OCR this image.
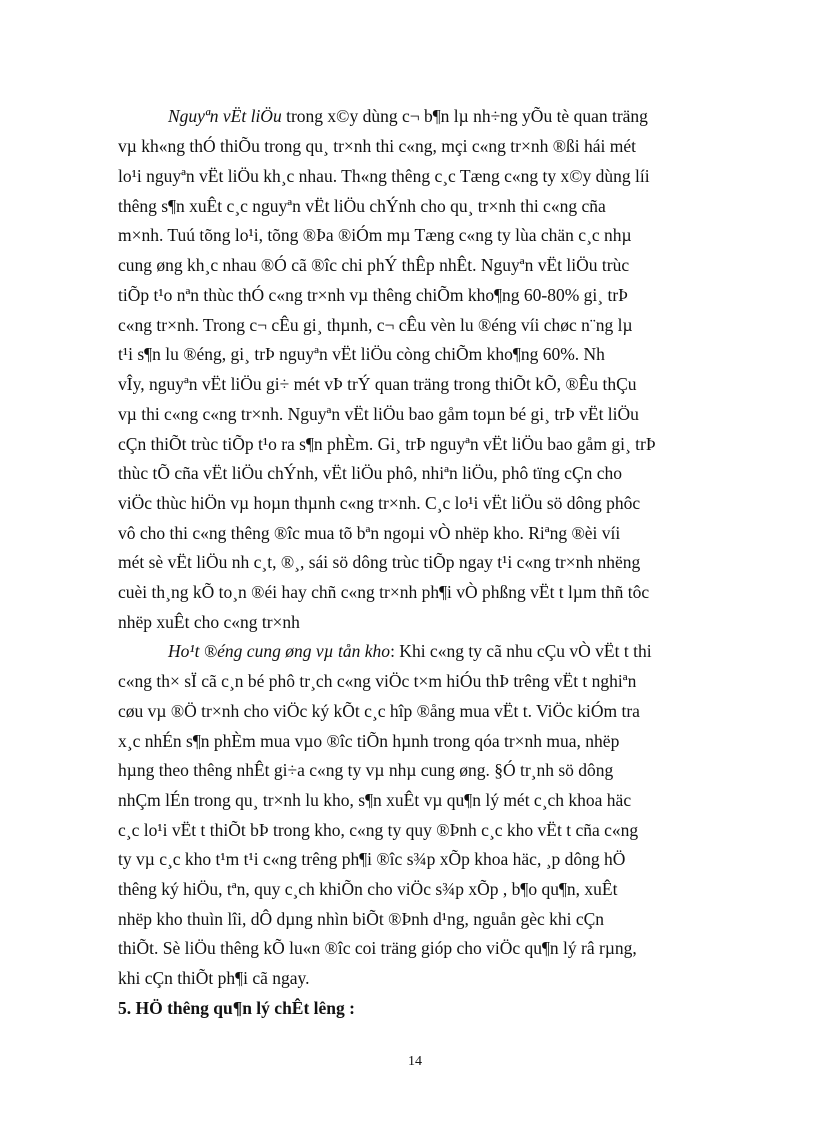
Nguyªn vËt liÖu trong x©y dùng c¬ b¶n lµ nh÷ng yÕu tè quan träng
vµ kh«ng thÓ thiÕu trong qu¸ tr×nh thi c«ng, mçi c«ng tr×nh ®ßi hái mét
lo¹i nguyªn vËt liÖu kh¸c nhau. Th«ng thêng c¸c Tæng c«ng ty x©y dùng líi
thêng s¶n xuÊt c¸c nguyªn vËt liÖu chÝnh cho qu¸ tr×nh thi c«ng cña
m×nh. Tuú tõng lo¹i, tõng ®Þa ®iÓm mµ Tæng c«ng ty lùa chän c¸c nhµ
cung øng kh¸c nhau ®Ó cã ®îc chi phÝ thÊp nhÊt. Nguyªn vËt liÖu trùc
tiÕp t¹o nªn thùc thÓ c«ng tr×nh vµ thêng chiÕm kho¶ng 60-80% gi¸ trÞ
c«ng tr×nh. Trong c¬ cÊu gi¸ thµnh, c¬ cÊu vèn lu ®éng víi chøc n¨ng lµ
t¹i s¶n lu ®éng, gi¸ trÞ nguyªn vËt liÖu còng chiÕm kho¶ng 60%. Nh
vÎy, nguyªn vËt liÖu gi÷ mét vÞ trÝ quan träng trong thiÕt kÕ, ®Êu thÇu
vµ thi c«ng c«ng tr×nh. Nguyªn vËt liÖu bao gåm toµn bé gi¸ trÞ vËt liÖu
cÇn thiÕt trùc tiÕp t¹o ra s¶n phÈm. Gi¸ trÞ nguyªn vËt liÖu bao gåm gi¸ trÞ
thùc tÕ cña vËt liÖu chÝnh, vËt liÖu phô, nhiªn liÖu, phô tïng cÇn cho
viÖc thùc hiÖn vµ hoµn thµnh c«ng tr×nh. C¸c lo¹i vËt liÖu sö dông phôc
vô cho thi c«ng thêng ®îc mua tõ bªn ngoµi vÒ nhëp kho. Riªng ®èi víi
mét sè vËt liÖu nh c¸t, ®¸, sái sö dông trùc tiÕp ngay t¹i c«ng tr×nh nhëng
cuèi th¸ng kÕ to¸n ®éi hay chñ c«ng tr×nh ph¶i vÒ phßng vËt t lµm thñ tôc
nhëp xuÊt cho c«ng tr×nh
Ho¹t ®éng cung øng vµ tån kho: Khi c«ng ty cã nhu cÇu vÒ vËt t thi
c«ng th× sÏ cã c¸n bé phô tr¸ch c«ng viÖc t×m hiÓu thÞ trêng vËt t nghiªn
cøu vµ ®Ö tr×nh cho viÖc ký kÕt c¸c hîp ®ång mua vËt t. ViÖc kiÓm tra
x¸c nhÉn s¶n phÈm mua vµo ®îc tiÕn hµnh trong qóa tr×nh mua, nhëp
hµng theo thêng nhÊt gi÷a c«ng ty vµ nhµ cung øng. §Ó tr¸nh sö dông
nhÇm lÉn trong qu¸ tr×nh lu kho, s¶n xuÊt vµ qu¶n lý mét c¸ch khoa häc
c¸c lo¹i vËt t thiÕt bÞ trong kho, c«ng ty quy ®Þnh c¸c kho vËt t cña c«ng
ty vµ c¸c kho t¹m t¹i c«ng trêng ph¶i ®îc s¾p xÕp khoa häc, ¸p dông hÖ
thêng ký hiÖu, tªn, quy c¸ch khiÕn cho viÖc s¾p xÕp , b¶o qu¶n, xuÊt
nhëp kho thuìn lîi, dÔ dµng nhìn biÕt ®Þnh d¹ng, nguån gèc khi cÇn
thiÕt. Sè liÖu thêng kÕ lu«n ®îc coi träng gióp cho viÖc qu¶n lý râ rµng,
khi cÇn thiÕt ph¶i cã ngay.
5. HÖ thêng qu¶n lý chÊt lêng :
14
